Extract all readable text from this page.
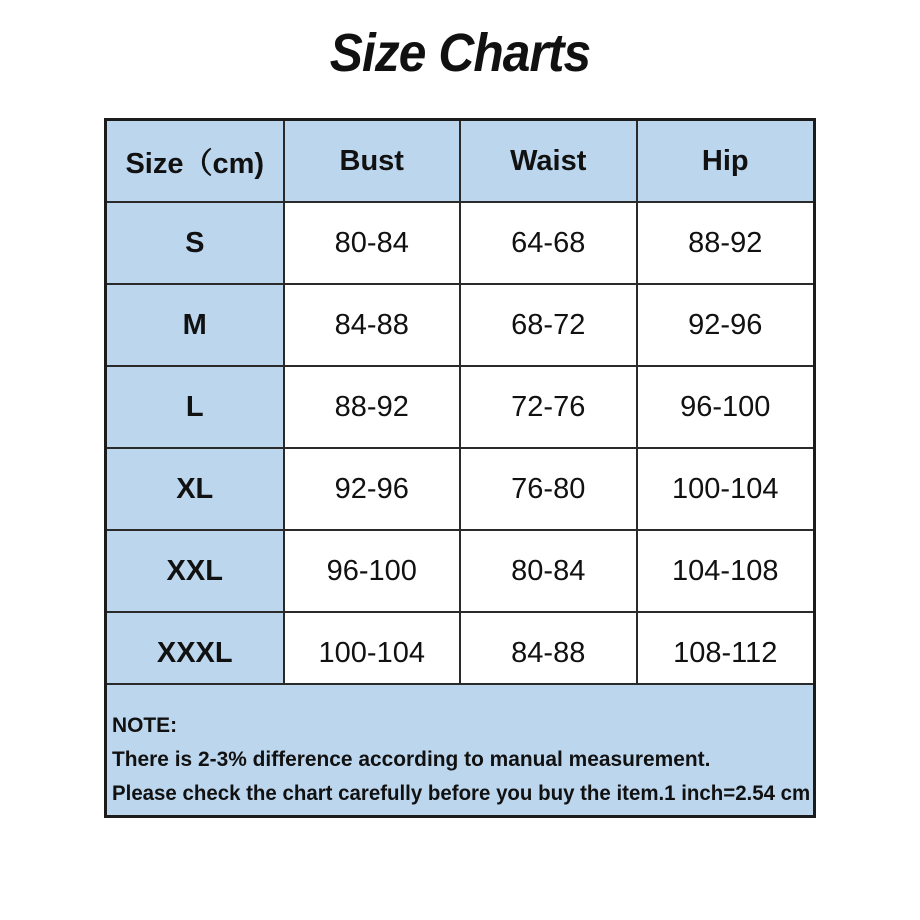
Size Charts
Size（cm)	Bust	Waist	Hip
S	80-84	64-68	88-92
M	84-88	68-72	92-96
L	88-92	72-76	96-100
XL	92-96	76-80	100-104
XXL	96-100	80-84	104-108
XXXL	100-104	84-88	108-112
NOTE:
There is 2-3% difference according to manual measurement.
Please check the chart carefully before you buy the item.1 inch=2.54 cm
